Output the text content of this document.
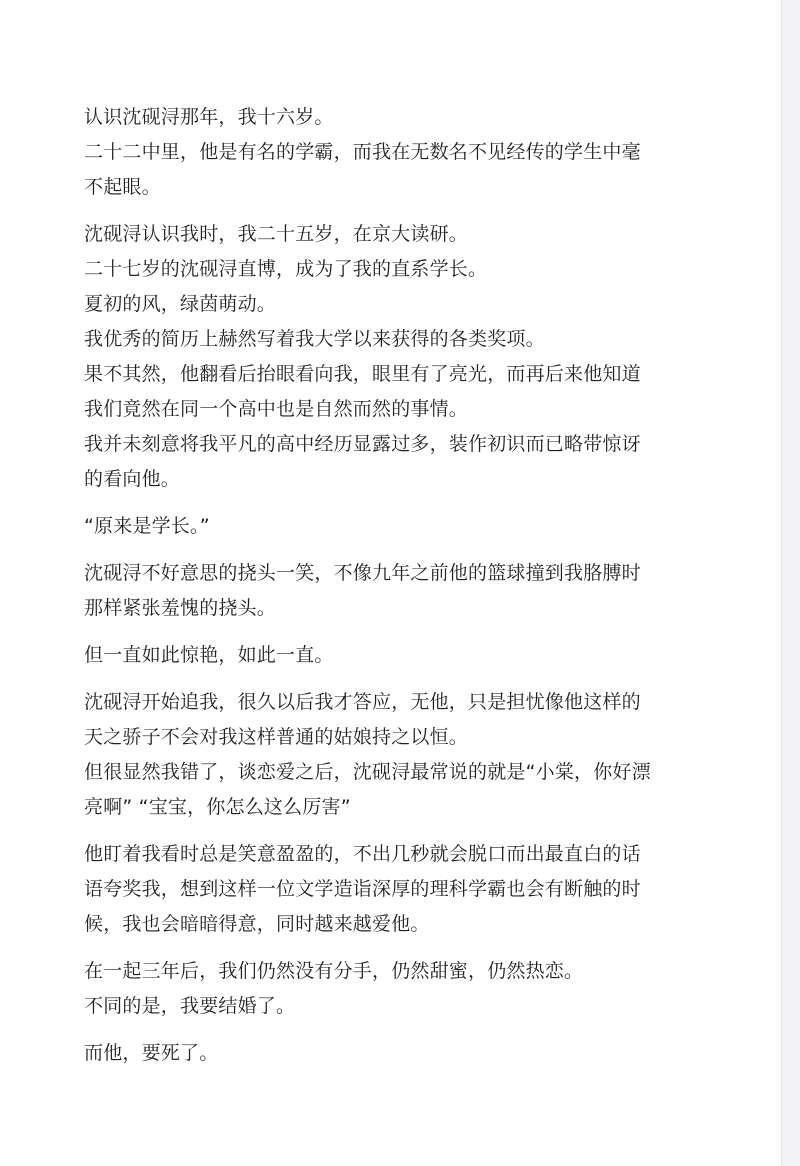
认识沈砚浔那年，我十六岁。
二十二中里，他是有名的学霸，而我在无数名不见经传的学生中毫
不起眼。
沈砚浔认识我时，我二十五岁，在京大读研。
二十七岁的沈砚浔直博，成为了我的直系学长。
夏初的风，绿茵萌动。
我优秀的简历上赫然写着我大学以来获得的各类奖项。
果不其然，他翻看后抬眼看向我，眼里有了亮光，而再后来他知道
我们竟然在同一个高中也是自然而然的事情。
我并未刻意将我平凡的高中经历显露过多，装作初识而已略带惊讶
的看向他。
“原来是学长。”
沈砚浔不好意思的挠头一笑，不像九年之前他的篮球撞到我胳膊时
那样紧张羞愧的挠头。
但一直如此惊艳，如此一直。
沈砚浔开始追我，很久以后我才答应，无他，只是担忧像他这样的
天之骄子不会对我这样普通的姑娘持之以恒。
但很显然我错了，谈恋爱之后，沈砚浔最常说的就是“小棠，你好漂
亮啊” “宝宝，你怎么这么厉害”
他盯着我看时总是笑意盈盈的，不出几秒就会脱口而出最直白的话
语夸奖我，想到这样一位文学造诣深厚的理科学霸也会有断触的时
候，我也会暗暗得意，同时越来越爱他。
在一起三年后，我们仍然没有分手，仍然甜蜜，仍然热恋。
不同的是，我要结婚了。
而他，要死了。
